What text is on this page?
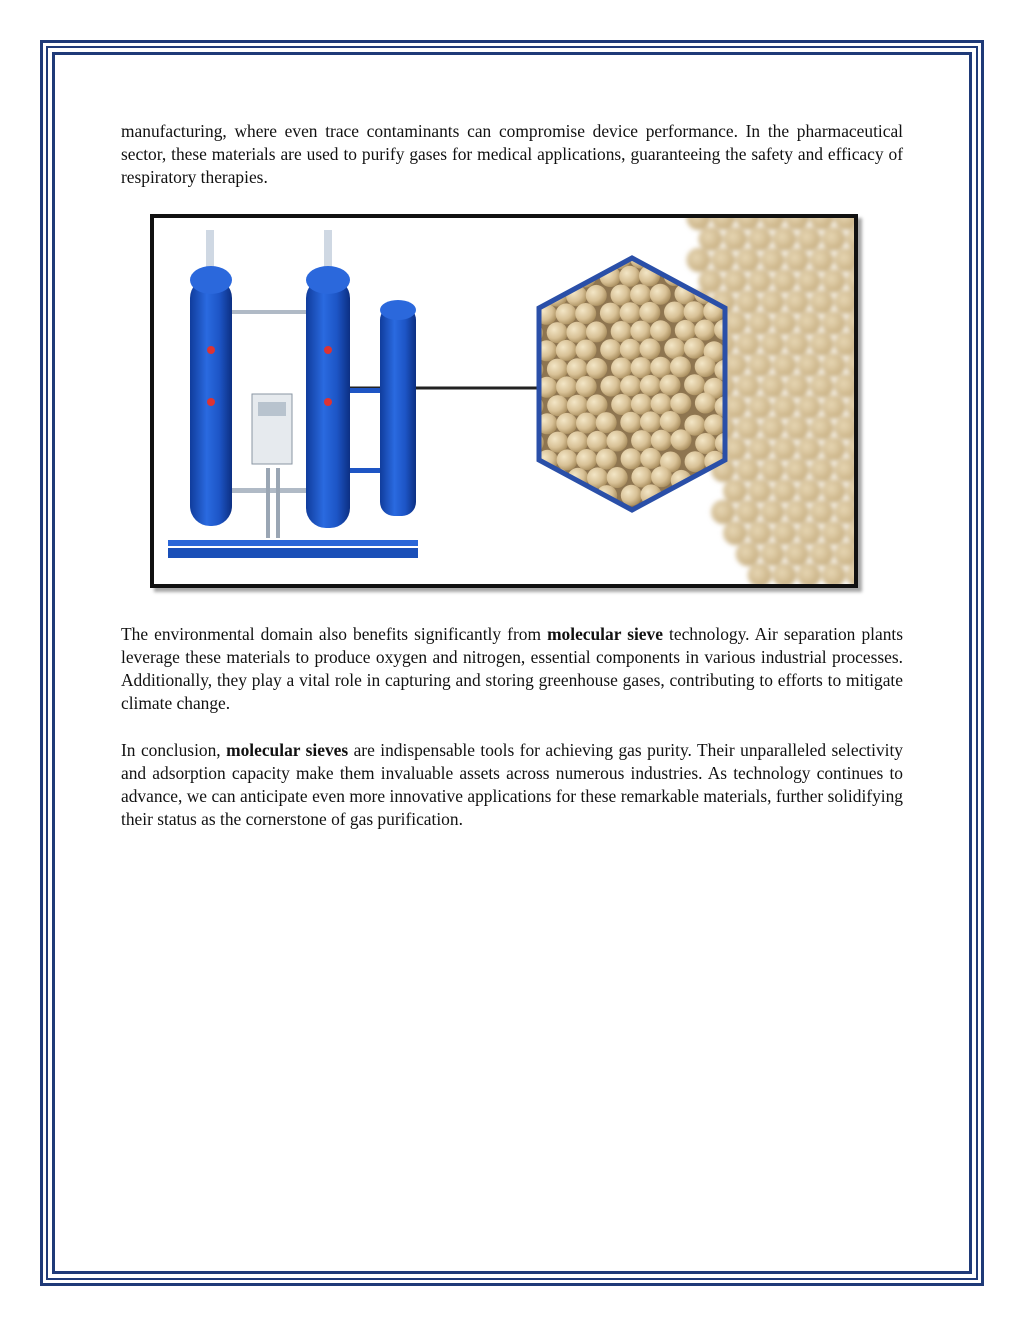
manufacturing, where even trace contaminants can compromise device performance. In the pharmaceutical sector, these materials are used to purify gases for medical applications, guaranteeing the safety and efficacy of respiratory therapies.

The environmental domain also benefits significantly from molecular sieve technology. Air separation plants leverage these materials to produce oxygen and nitrogen, essential components in various industrial processes. Additionally, they play a vital role in capturing and storing greenhouse gases, contributing to efforts to mitigate climate change.

In conclusion, molecular sieves are indispensable tools for achieving gas purity. Their unparalleled selectivity and adsorption capacity make them invaluable assets across numerous industries. As technology continues to advance, we can anticipate even more innovative applications for these remarkable materials, further solidifying their status as the cornerstone of gas purification.
